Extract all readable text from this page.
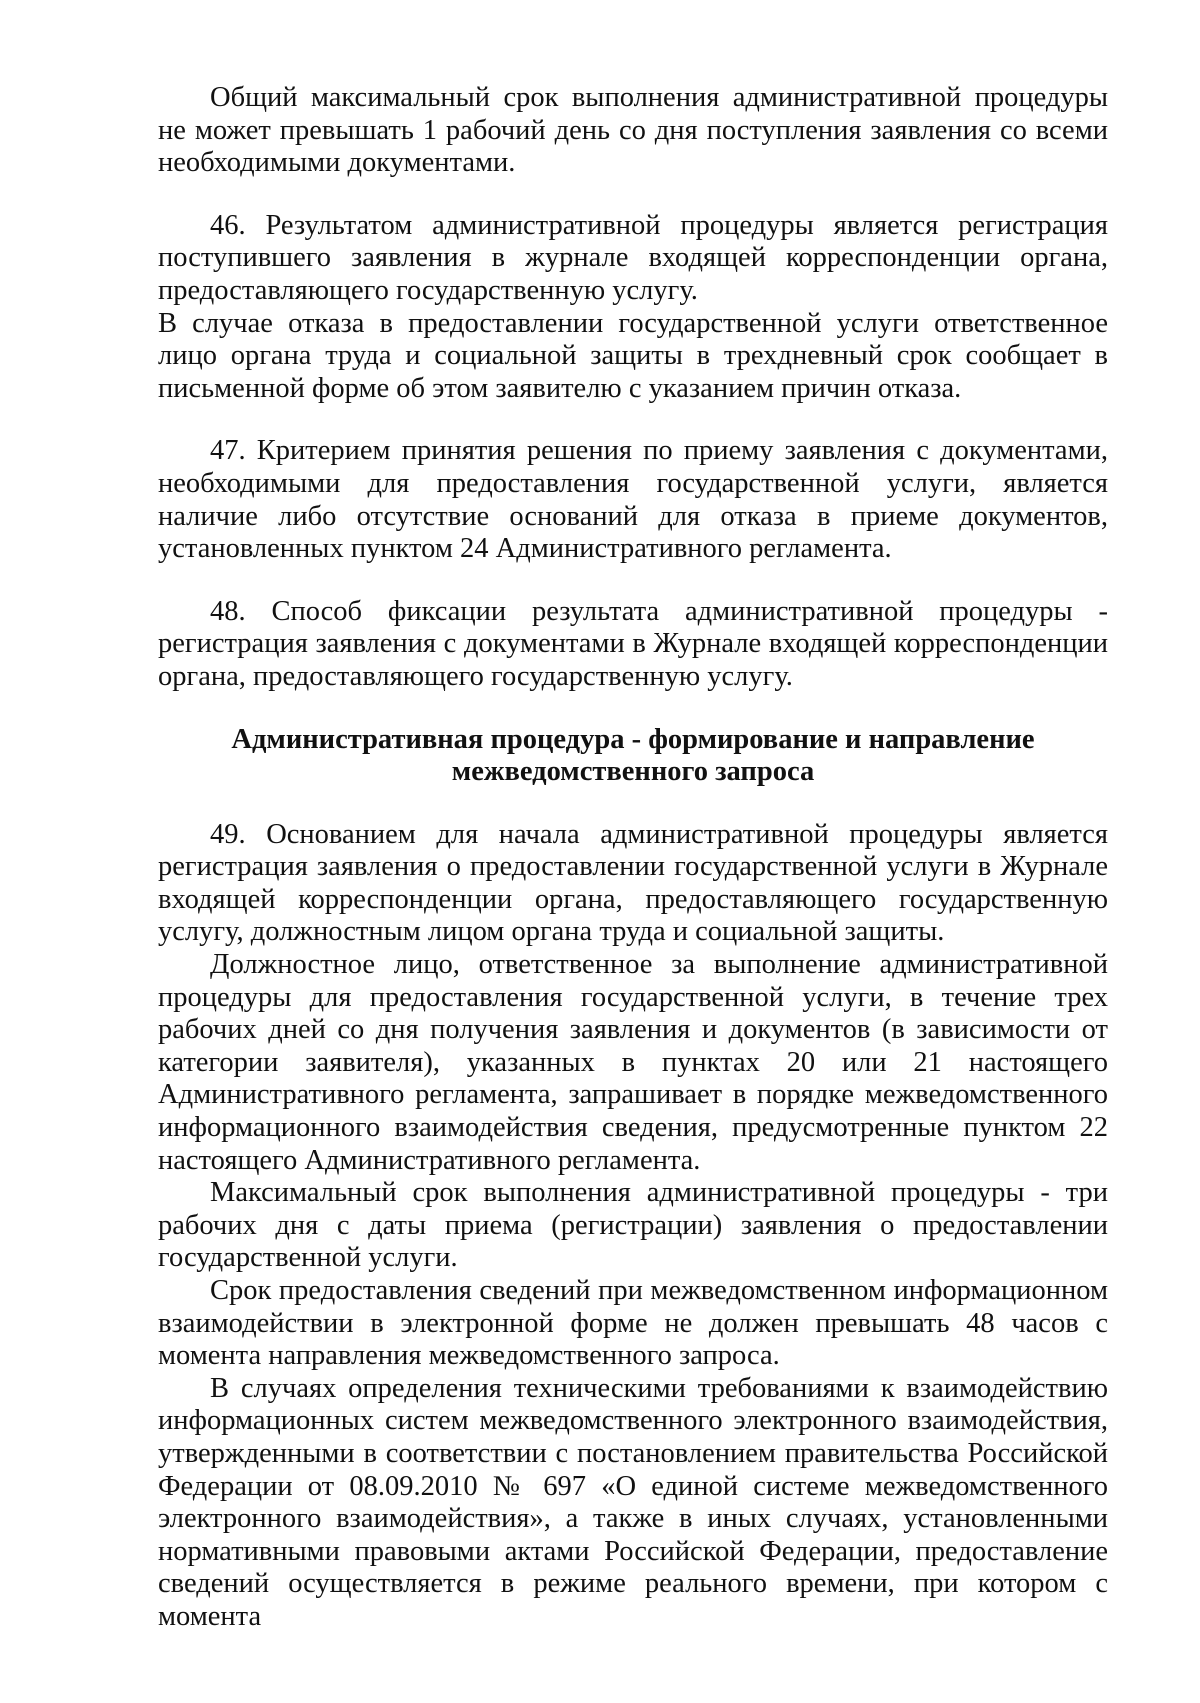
Общий максимальный срок выполнения административной процедуры не может превышать 1 рабочий день со дня поступления заявления со всеми необходимыми документами.

46. Результатом административной процедуры является регистрация поступившего заявления в журнале входящей корреспонденции органа, предоставляющего государственную услугу.

В случае отказа в предоставлении государственной услуги ответственное лицо органа труда и социальной защиты в трехдневный срок сообщает в письменной форме об этом заявителю с указанием причин отказа.

47. Критерием принятия решения по приему заявления с документами, необходимыми для предоставления государственной услуги, является наличие либо отсутствие оснований для отказа в приеме документов, установленных пунктом 24 Административного регламента.

48. Способ фиксации результата административной процедуры - регистрация заявления с документами в Журнале входящей корреспонденции органа, предоставляющего государственную услугу.

Административная процедура - формирование и направление межведомственного запроса

49. Основанием для начала административной процедуры является регистрация заявления о предоставлении государственной услуги в Журнале входящей корреспонденции органа, предоставляющего государственную услугу, должностным лицом органа труда и социальной защиты.

Должностное лицо, ответственное за выполнение административной процедуры для предоставления государственной услуги, в течение трех рабочих дней со дня получения заявления и документов (в зависимости от категории заявителя), указанных в пунктах 20 или 21 настоящего Административного регламента, запрашивает в порядке межведомственного информационного взаимодействия сведения, предусмотренные пунктом 22 настоящего Административного регламента.

Максимальный срок выполнения административной процедуры - три рабочих дня с даты приема (регистрации) заявления о предоставлении государственной услуги.

Срок предоставления сведений при межведомственном информационном взаимодействии в электронной форме не должен превышать 48 часов с момента направления межведомственного запроса.

В случаях определения техническими требованиями к взаимодействию информационных систем межведомственного электронного взаимодействия, утвержденными в соответствии с постановлением правительства Российской Федерации от 08.09.2010 № 697 «О единой системе межведомственного электронного взаимодействия», а также в иных случаях, установленными нормативными правовыми актами Российской Федерации, предоставление сведений осуществляется в режиме реального времени, при котором с момента
